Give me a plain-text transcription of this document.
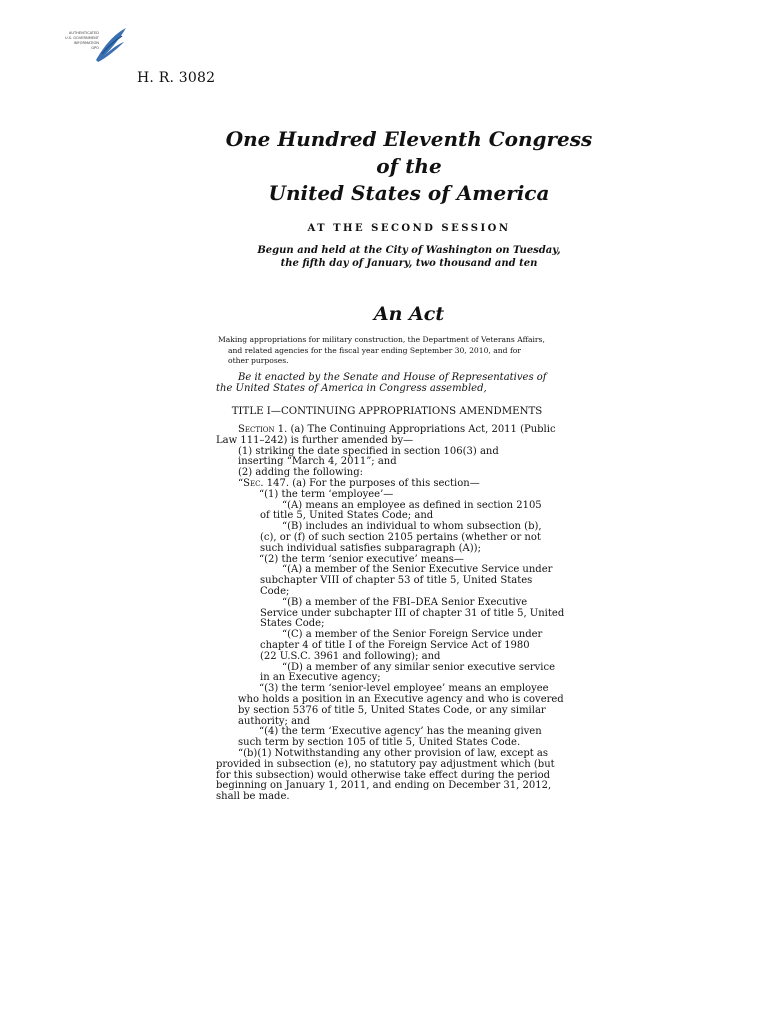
AUTHENTICATED
U.S. GOVERNMENT
INFORMATION
GPO
H. R. 3082
One Hundred Eleventh Congress
of the
United States of America
AT THE SECOND SESSION
Begun and held at the City of Washington on Tuesday,
the fifth day of January, two thousand and ten
An Act
Making appropriations for military construction, the Department of Veterans Affairs,
and related agencies for the fiscal year ending September 30, 2010, and for
other purposes.
Be it enacted by the Senate and House of Representatives of
the United States of America in Congress assembled,
TITLE I—CONTINUING APPROPRIATIONS AMENDMENTS
Section 1. (a) The Continuing Appropriations Act, 2011 (Public
Law 111–242) is further amended by—
(1) striking the date specified in section 106(3) and
inserting “March 4, 2011”; and
(2) adding the following:
“Sec. 147. (a) For the purposes of this section—
“(1) the term ‘employee’—
“(A) means an employee as defined in section 2105
of title 5, United States Code; and
“(B) includes an individual to whom subsection (b),
(c), or (f) of such section 2105 pertains (whether or not
such individual satisfies subparagraph (A));
“(2) the term ‘senior executive’ means—
“(A) a member of the Senior Executive Service under
subchapter VIII of chapter 53 of title 5, United States
Code;
“(B) a member of the FBI–DEA Senior Executive
Service under subchapter III of chapter 31 of title 5, United
States Code;
“(C) a member of the Senior Foreign Service under
chapter 4 of title I of the Foreign Service Act of 1980
(22 U.S.C. 3961 and following); and
“(D) a member of any similar senior executive service
in an Executive agency;
“(3) the term ‘senior-level employee’ means an employee
who holds a position in an Executive agency and who is covered
by section 5376 of title 5, United States Code, or any similar
authority; and
“(4) the term ‘Executive agency’ has the meaning given
such term by section 105 of title 5, United States Code.
“(b)(1) Notwithstanding any other provision of law, except as
provided in subsection (e), no statutory pay adjustment which (but
for this subsection) would otherwise take effect during the period
beginning on January 1, 2011, and ending on December 31, 2012,
shall be made.
